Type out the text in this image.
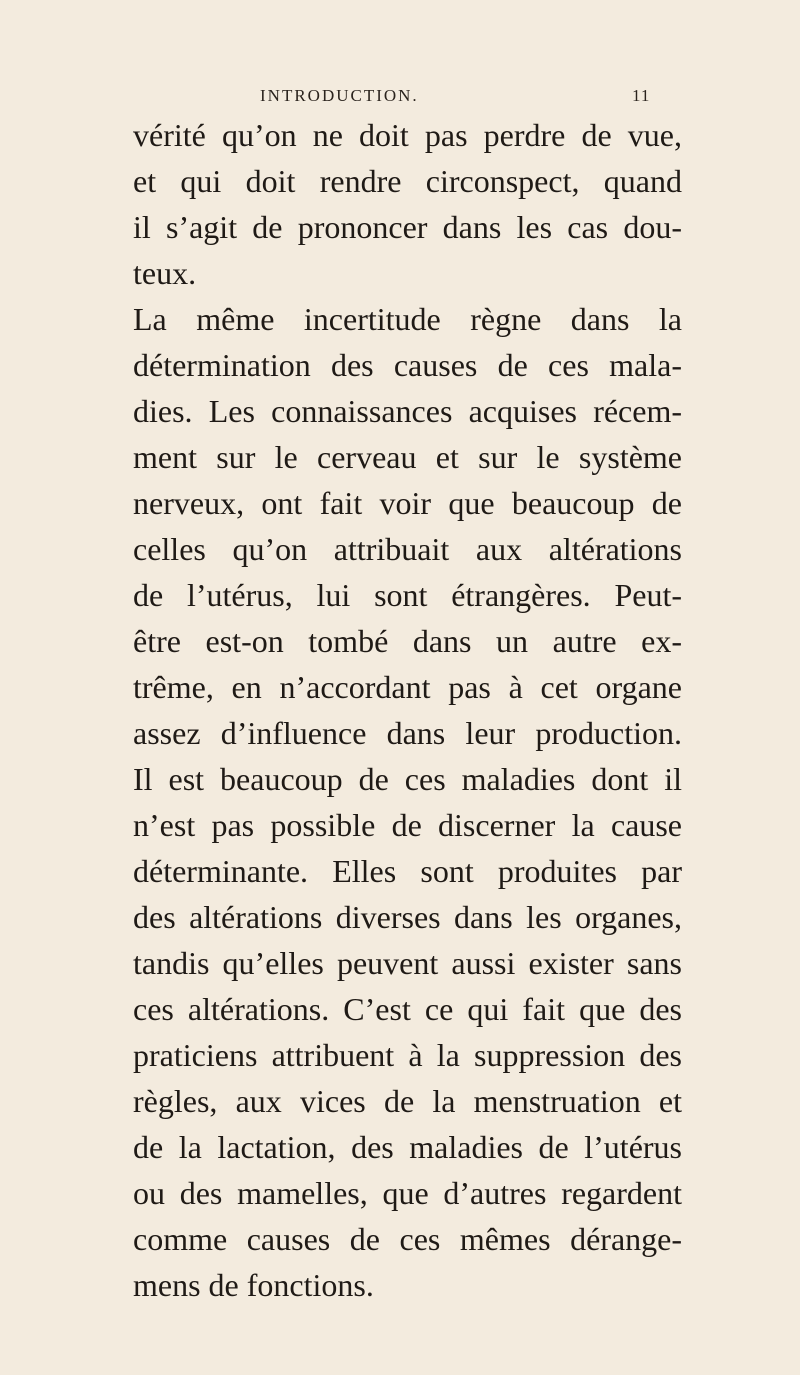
INTRODUCTION.	11
vérité qu’on ne doit pas perdre de vue,
et qui doit rendre circonspect, quand
il s’agit de prononcer dans les cas dou-
teux.
La même incertitude règne dans la
détermination des causes de ces mala-
dies. Les connaissances acquises récem-
ment sur le cerveau et sur le système
nerveux, ont fait voir que beaucoup de
celles qu’on attribuait aux altérations
de l’utérus, lui sont étrangères. Peut-
être est-on tombé dans un autre ex-
trême, en n’accordant pas à cet organe
assez d’influence dans leur production.
Il est beaucoup de ces maladies dont il
n’est pas possible de discerner la cause
déterminante. Elles sont produites par
des altérations diverses dans les organes,
tandis qu’elles peuvent aussi exister sans
ces altérations. C’est ce qui fait que des
praticiens attribuent à la suppression des
règles, aux vices de la menstruation et
de la lactation, des maladies de l’utérus
ou des mamelles, que d’autres regardent
comme causes de ces mêmes dérange-
mens de fonctions.
